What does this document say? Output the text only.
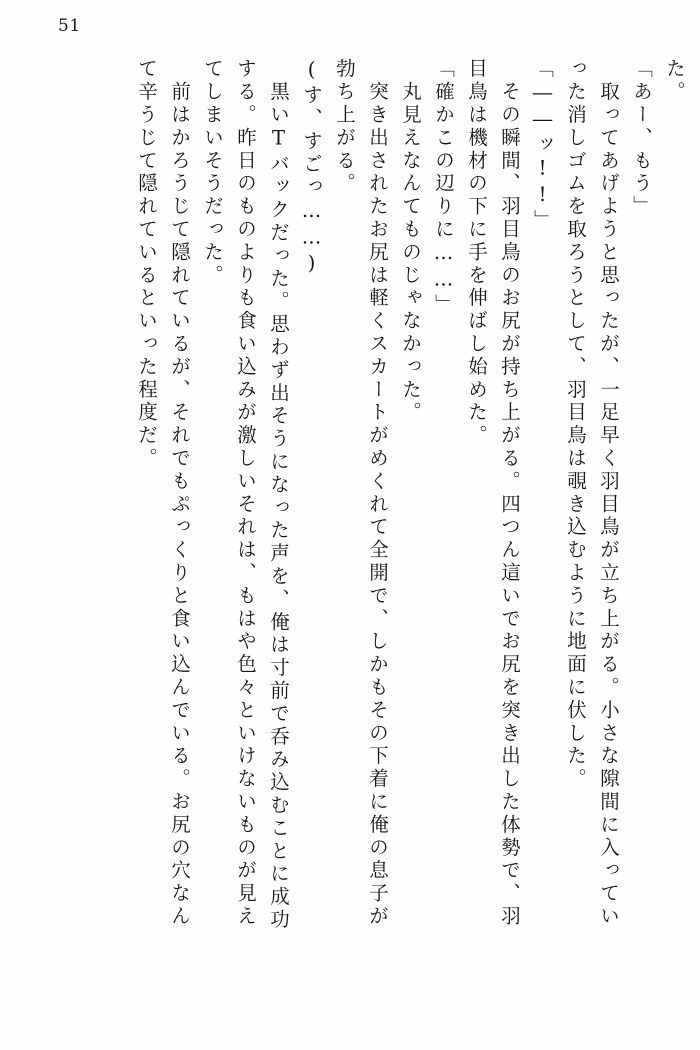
51
た。
「あー、もう」
　取ってあげようと思ったが、一足早く羽目鳥が立ち上がる。小さな隙間に入ってい
った消しゴムを取ろうとして、羽目鳥は覗き込むように地面に伏した。
「――ッ!!」
　その瞬間、羽目鳥のお尻が持ち上がる。四つん這いでお尻を突き出した体勢で、羽
目鳥は機材の下に手を伸ばし始めた。
「確かこの辺りに……」
　丸見えなんてものじゃなかった。
　突き出されたお尻は軽くスカートがめくれて全開で、しかもその下着に俺の息子が
勃ち上がる。
(す、すごっ……)
　黒いTバックだった。思わず出そうになった声を、俺は寸前で呑み込むことに成功
する。昨日のものよりも食い込みが激しいそれは、もはや色々といけないものが見え
てしまいそうだった。
　前はかろうじて隠れているが、それでもぷっくりと食い込んでいる。お尻の穴なん
て辛うじて隠れているといった程度だ。
